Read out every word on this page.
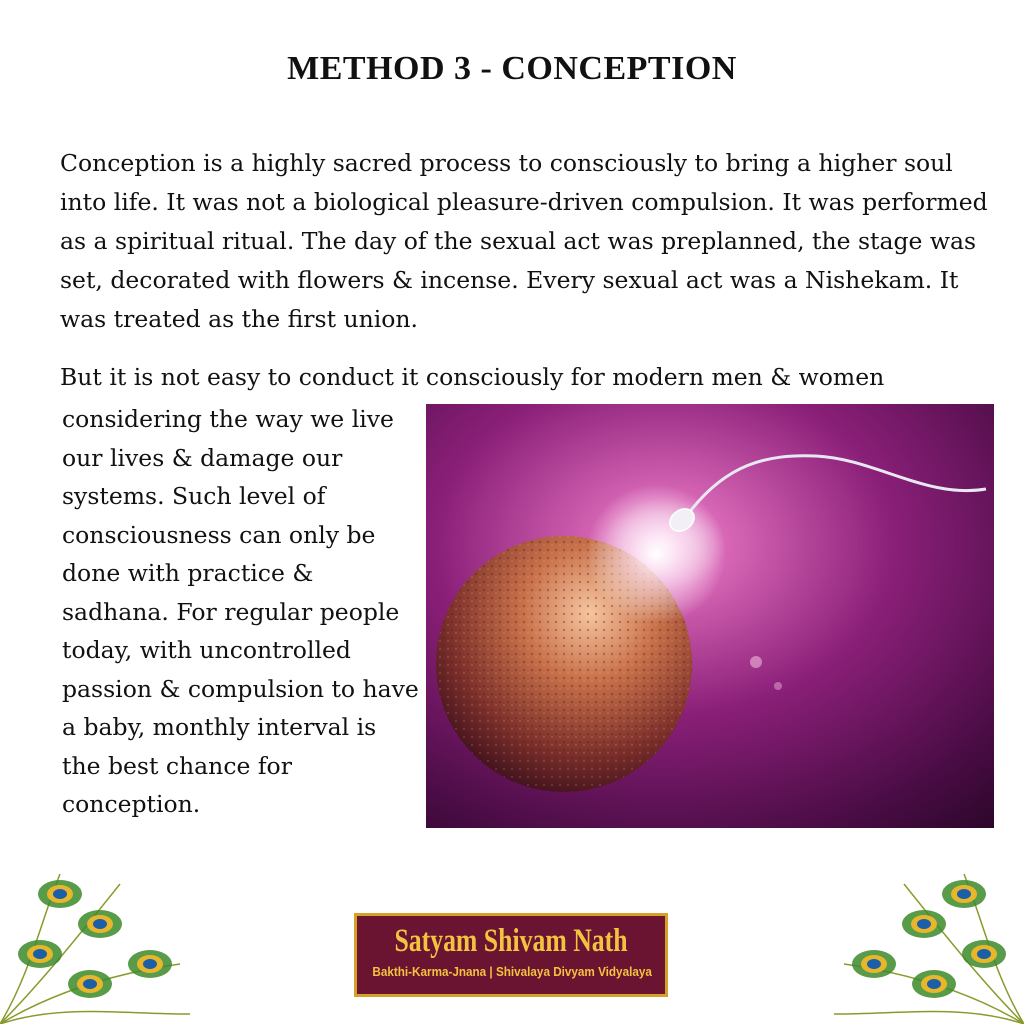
METHOD 3 - CONCEPTION

Conception is a highly sacred process to consciously to bring a higher soul into life. It was not a biological pleasure-driven compulsion. It was performed as a spiritual ritual. The day of the sexual act was preplanned, the stage was set, decorated with flowers & incense. Every sexual act was a Nishekam. It was treated as the first union.

But it is not easy to conduct it consciously for modern men & women

considering the way we live our lives & damage our systems. Such level of consciousness can only be done with practice & sadhana. For regular people today, with uncontrolled passion & compulsion to have a baby, monthly interval is the best chance for conception.

Satyam Shivam Nath
Bakthi-Karma-Jnana | Shivalaya Divyam Vidyalaya
